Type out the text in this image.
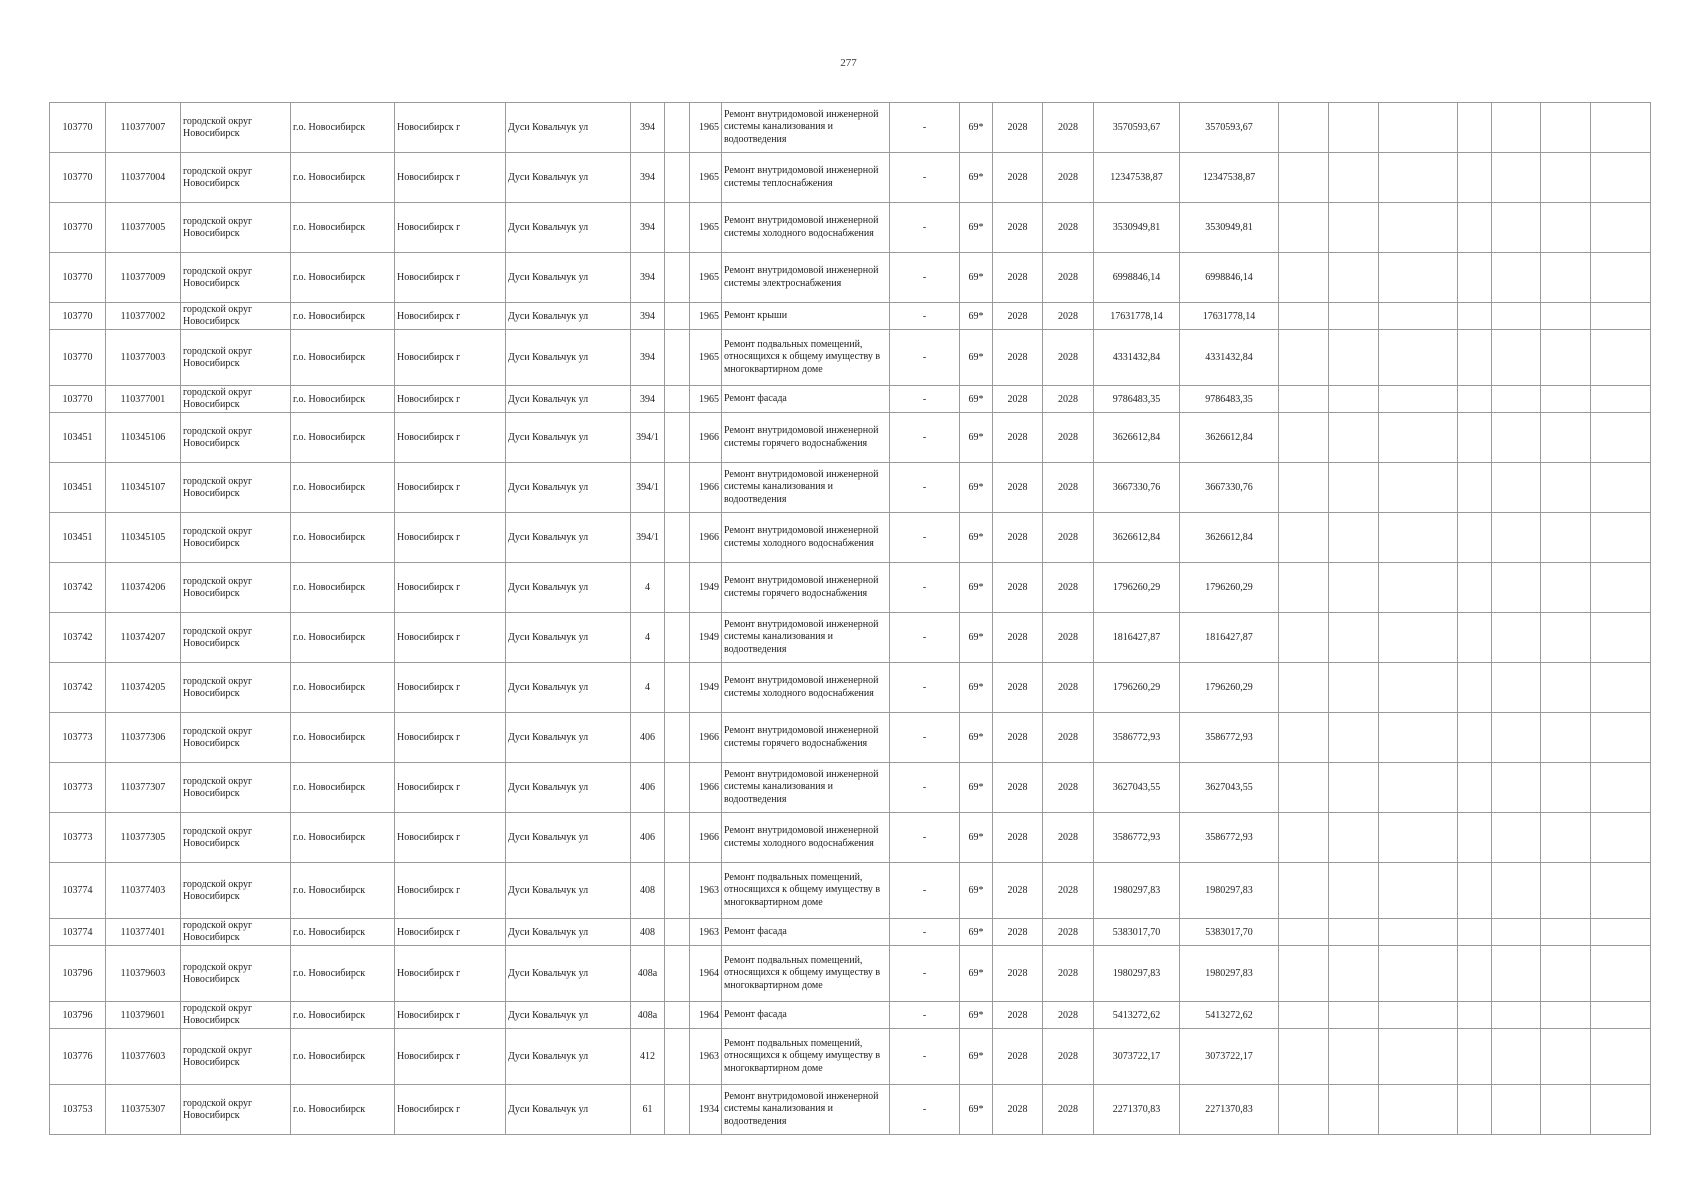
277
103770	110377007	городской округ Новосибирск	г.о. Новосибирск	Новосибирск г	Дуси Ковальчук ул	394		1965	Ремонт внутридомовой инженерной системы канализования и водоотведения	-	69*	2028	2028	3570593,67	3570593,67							
103770	110377004	городской округ Новосибирск	г.о. Новосибирск	Новосибирск г	Дуси Ковальчук ул	394		1965	Ремонт внутридомовой инженерной системы теплоснабжения	-	69*	2028	2028	12347538,87	12347538,87							
103770	110377005	городской округ Новосибирск	г.о. Новосибирск	Новосибирск г	Дуси Ковальчук ул	394		1965	Ремонт внутридомовой инженерной системы холодного водоснабжения	-	69*	2028	2028	3530949,81	3530949,81							
103770	110377009	городской округ Новосибирск	г.о. Новосибирск	Новосибирск г	Дуси Ковальчук ул	394		1965	Ремонт внутридомовой инженерной системы электроснабжения	-	69*	2028	2028	6998846,14	6998846,14							
103770	110377002	городской округ Новосибирск	г.о. Новосибирск	Новосибирск г	Дуси Ковальчук ул	394		1965	Ремонт крыши	-	69*	2028	2028	17631778,14	17631778,14							
103770	110377003	городской округ Новосибирск	г.о. Новосибирск	Новосибирск г	Дуси Ковальчук ул	394		1965	Ремонт подвальных помещений, относящихся к общему имуществу в многоквартирном доме	-	69*	2028	2028	4331432,84	4331432,84							
103770	110377001	городской округ Новосибирск	г.о. Новосибирск	Новосибирск г	Дуси Ковальчук ул	394		1965	Ремонт фасада	-	69*	2028	2028	9786483,35	9786483,35							
103451	110345106	городской округ Новосибирск	г.о. Новосибирск	Новосибирск г	Дуси Ковальчук ул	394/1		1966	Ремонт внутридомовой инженерной системы горячего водоснабжения	-	69*	2028	2028	3626612,84	3626612,84							
103451	110345107	городской округ Новосибирск	г.о. Новосибирск	Новосибирск г	Дуси Ковальчук ул	394/1		1966	Ремонт внутридомовой инженерной системы канализования и водоотведения	-	69*	2028	2028	3667330,76	3667330,76							
103451	110345105	городской округ Новосибирск	г.о. Новосибирск	Новосибирск г	Дуси Ковальчук ул	394/1		1966	Ремонт внутридомовой инженерной системы холодного водоснабжения	-	69*	2028	2028	3626612,84	3626612,84							
103742	110374206	городской округ Новосибирск	г.о. Новосибирск	Новосибирск г	Дуси Ковальчук ул	4		1949	Ремонт внутридомовой инженерной системы горячего водоснабжения	-	69*	2028	2028	1796260,29	1796260,29							
103742	110374207	городской округ Новосибирск	г.о. Новосибирск	Новосибирск г	Дуси Ковальчук ул	4		1949	Ремонт внутридомовой инженерной системы канализования и водоотведения	-	69*	2028	2028	1816427,87	1816427,87							
103742	110374205	городской округ Новосибирск	г.о. Новосибирск	Новосибирск г	Дуси Ковальчук ул	4		1949	Ремонт внутридомовой инженерной системы холодного водоснабжения	-	69*	2028	2028	1796260,29	1796260,29							
103773	110377306	городской округ Новосибирск	г.о. Новосибирск	Новосибирск г	Дуси Ковальчук ул	406		1966	Ремонт внутридомовой инженерной системы горячего водоснабжения	-	69*	2028	2028	3586772,93	3586772,93							
103773	110377307	городской округ Новосибирск	г.о. Новосибирск	Новосибирск г	Дуси Ковальчук ул	406		1966	Ремонт внутридомовой инженерной системы канализования и водоотведения	-	69*	2028	2028	3627043,55	3627043,55							
103773	110377305	городской округ Новосибирск	г.о. Новосибирск	Новосибирск г	Дуси Ковальчук ул	406		1966	Ремонт внутридомовой инженерной системы холодного водоснабжения	-	69*	2028	2028	3586772,93	3586772,93							
103774	110377403	городской округ Новосибирск	г.о. Новосибирск	Новосибирск г	Дуси Ковальчук ул	408		1963	Ремонт подвальных помещений, относящихся к общему имуществу в многоквартирном доме	-	69*	2028	2028	1980297,83	1980297,83							
103774	110377401	городской округ Новосибирск	г.о. Новосибирск	Новосибирск г	Дуси Ковальчук ул	408		1963	Ремонт фасада	-	69*	2028	2028	5383017,70	5383017,70							
103796	110379603	городской округ Новосибирск	г.о. Новосибирск	Новосибирск г	Дуси Ковальчук ул	408а		1964	Ремонт подвальных помещений, относящихся к общему имуществу в многоквартирном доме	-	69*	2028	2028	1980297,83	1980297,83							
103796	110379601	городской округ Новосибирск	г.о. Новосибирск	Новосибирск г	Дуси Ковальчук ул	408а		1964	Ремонт фасада	-	69*	2028	2028	5413272,62	5413272,62							
103776	110377603	городской округ Новосибирск	г.о. Новосибирск	Новосибирск г	Дуси Ковальчук ул	412		1963	Ремонт подвальных помещений, относящихся к общему имуществу в многоквартирном доме	-	69*	2028	2028	3073722,17	3073722,17							
103753	110375307	городской округ Новосибирск	г.о. Новосибирск	Новосибирск г	Дуси Ковальчук ул	61		1934	Ремонт внутридомовой инженерной системы канализования и водоотведения	-	69*	2028	2028	2271370,83	2271370,83							
